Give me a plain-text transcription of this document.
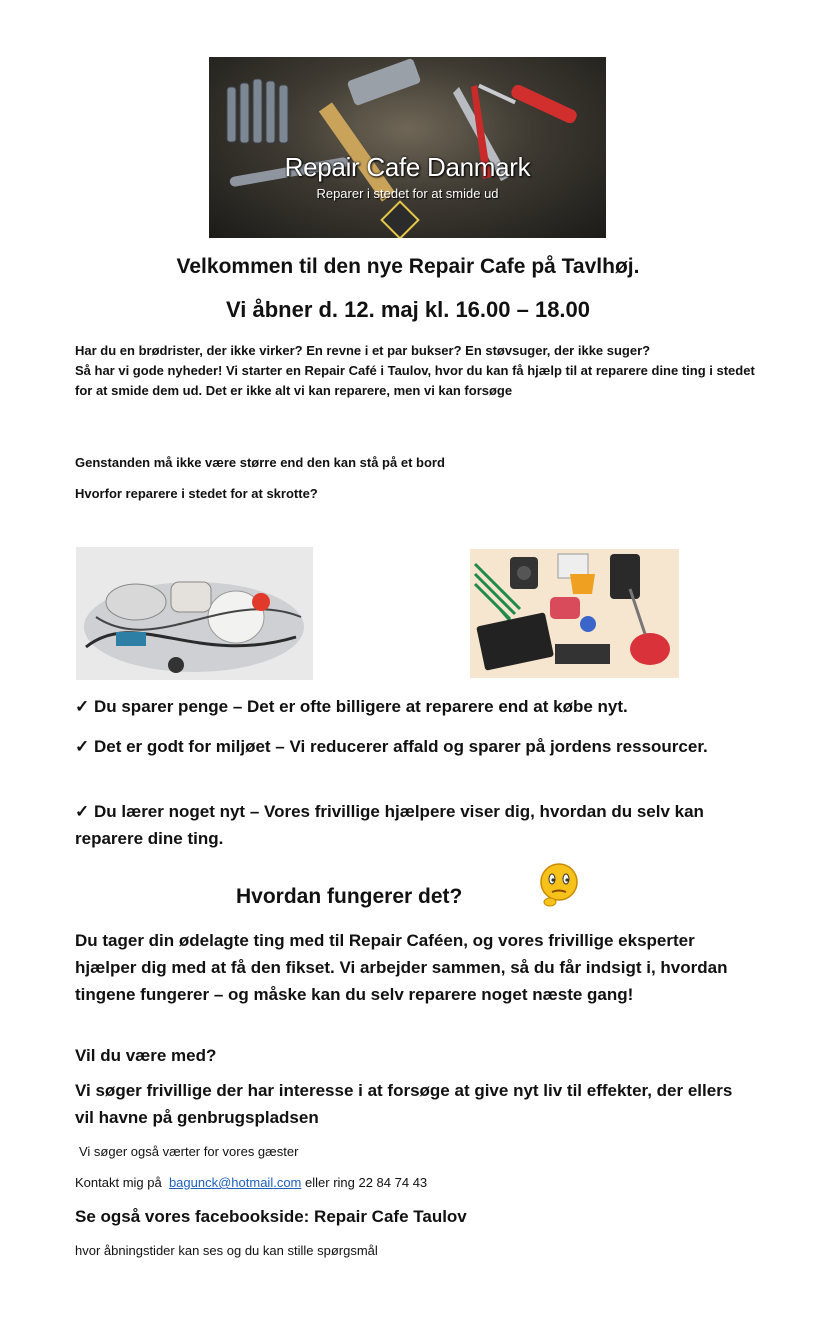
Repair Cafe Danmark
Reparer i stedet for at smide ud
Velkommen til den nye Repair Cafe på Tavlhøj.
Vi åbner d. 12. maj kl. 16.00 – 18.00
Har du en brødrister, der ikke virker? En revne i et par bukser? En støvsuger, der ikke suger?
Så har vi gode nyheder! Vi starter en Repair Café i Taulov, hvor du kan få hjælp til at reparere dine ting i stedet for at smide dem ud. Det er ikke alt vi kan reparere, men vi kan forsøge
Genstanden må ikke være større end den kan stå på et bord
Hvorfor reparere i stedet for at skrotte?
✓ Du sparer penge – Det er ofte billigere at reparere end at købe nyt.
✓ Det er godt for miljøet – Vi reducerer affald og sparer på jordens ressourcer.
✓ Du lærer noget nyt – Vores frivillige hjælpere viser dig, hvordan du selv kan reparere dine ting.
Hvordan fungerer det?
Du tager din ødelagte ting med til Repair Caféen, og vores frivillige eksperter hjælper dig med at få den fikset. Vi arbejder sammen, så du får indsigt i, hvordan tingene fungerer – og måske kan du selv reparere noget næste gang!
Vil du være med?
Vi søger frivillige der har interesse i at forsøge at give nyt liv til effekter, der ellers vil havne på genbrugspladsen
Vi søger også værter for vores gæster
Kontakt mig på bagunck@hotmail.com eller ring 22 84 74 43
Se også vores facebookside: Repair Cafe Taulov
hvor åbningstider kan ses og du kan stille spørgsmål
